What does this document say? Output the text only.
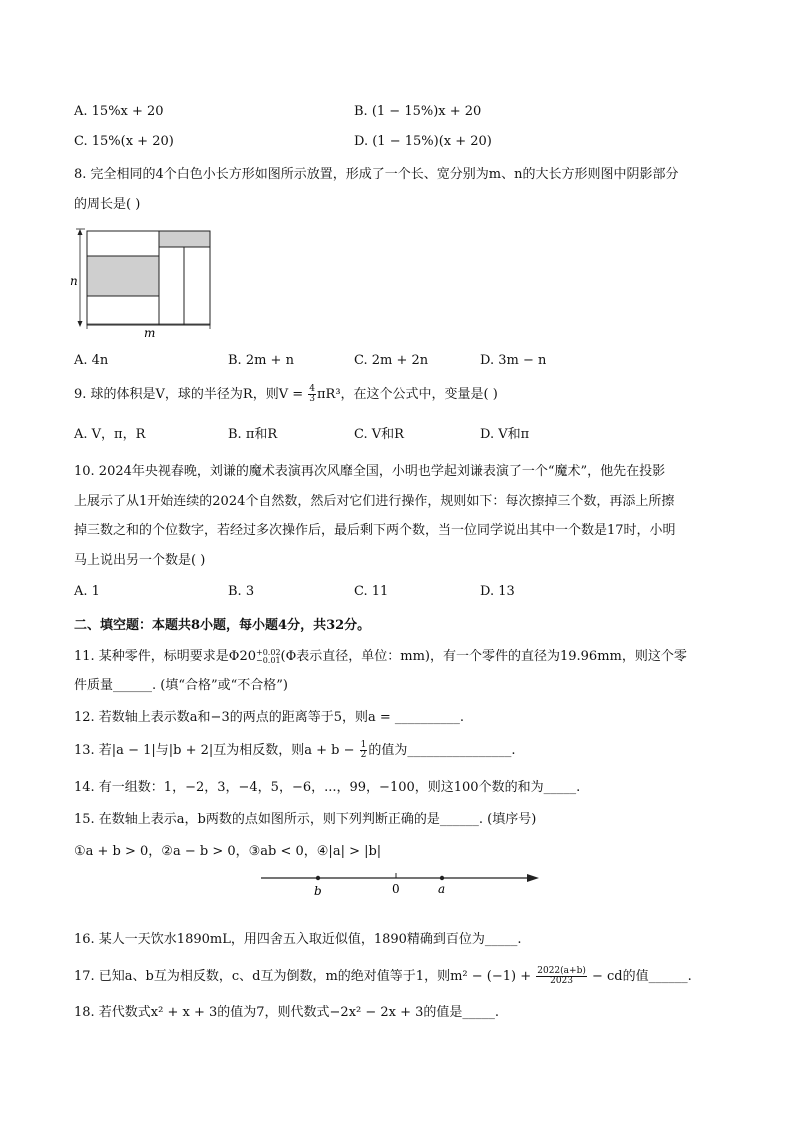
A. 15%x + 20	B. (1 − 15%)x + 20
C. 15%(x + 20)	D. (1 − 15%)(x + 20)
8. 完全相同的4个白色小长方形如图所示放置，形成了一个长、宽分别为m、n的大长方形则图中阴影部分
的周长是( )
n
m
A. 4n	B. 2m + n	C. 2m + 2n	D. 3m − n
9. 球的体积是V，球的半径为R，则$V = \frac{4}{3} \pi R^3$，在这个公式中，变量是( )
A. V，π，R	B. π和R	C. V和R	D. V和π
10. 2024年央视春晚，刘谦的魔术表演再次风靡全国，小明也学起刘谦表演了一个“魔术”，他先在投影
上展示了从1开始连续的2024个自然数，然后对它们进行操作，规则如下：每次擦掉三个数，再添上所擦
掉三数之和的个位数字，若经过多次操作后，最后剩下两个数，当一位同学说出其中一个数是17时，小明
马上说出另一个数是( )
A. 1	B. 3	C. 11	D. 13
二、填空题：本题共8小题，每小题4分，共32分。
11. 某种零件，标明要求是Φ20 +0.02
−0.01 (Φ表示直径，单位：mm)，有一个零件的直径为19.96mm，则这个零
件质量______. (填“合格”或“不合格”)
12. 若数轴上表示数a和−3的两点的距离等于5，则a = __________.
13. 若|a − 1|与|b + 2|互为相反数，则$a + b - \frac{1}{2}$ 的值为________________.
14. 有一组数：1，−2，3，−4，5，−6，...，99，−100，则这100个数的和为_____.
15. 在数轴上表示a，b两数的点如图所示，则下列判断正确的是______. (填序号)
①a + b > 0，②a − b > 0，③ab < 0，④|a| > |b|
b	0	a
16. 某人一天饮水1890mL，用四舍五入取近似值，1890精确到百位为_____.
17. 已知a、b互为相反数，c、d互为倒数，m的绝对值等于1，则$m^2 - (-1) + \frac{2022(a+b)}{2023}$ − cd的值______.
18. 若代数式x² + x + 3的值为7，则代数式−2x² − 2x + 3的值是_____.
